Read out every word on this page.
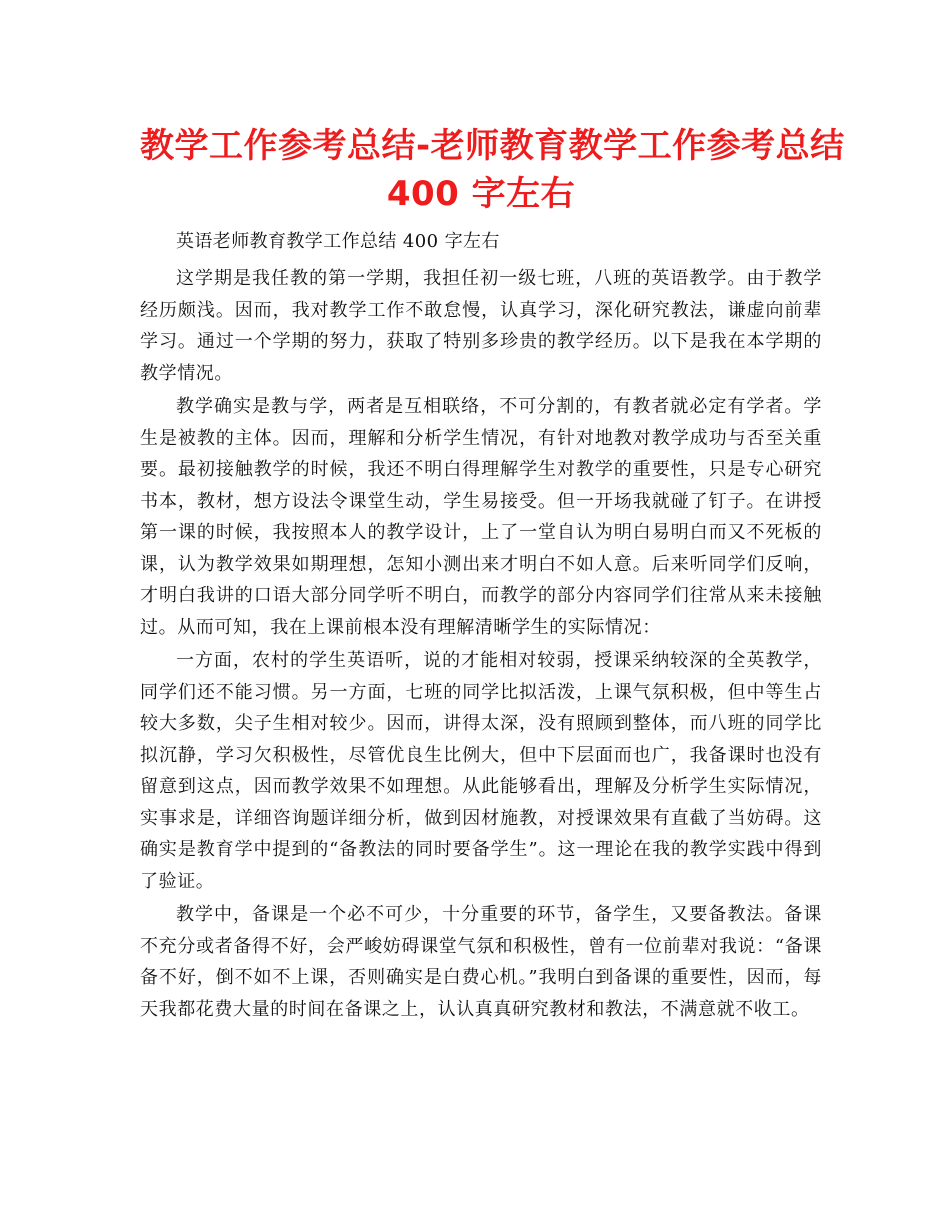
教学工作参考总结-老师教育教学工作参考总结
400 字左右

英语老师教育教学工作总结 400 字左右

这学期是我任教的第一学期，我担任初一级七班，八班的英语教学。由于教学经历颇浅。因而，我对教学工作不敢怠慢，认真学习，深化研究教法，谦虚向前辈学习。通过一个学期的努力，获取了特别多珍贵的教学经历。以下是我在本学期的教学情况。

教学确实是教与学，两者是互相联络，不可分割的，有教者就必定有学者。学生是被教的主体。因而，理解和分析学生情况，有针对地教对教学成功与否至关重要。最初接触教学的时候，我还不明白得理解学生对教学的重要性，只是专心研究书本，教材，想方设法令课堂生动，学生易接受。但一开场我就碰了钉子。在讲授第一课的时候，我按照本人的教学设计，上了一堂自认为明白易明白而又不死板的课，认为教学效果如期理想，怎知小测出来才明白不如人意。后来听同学们反响，才明白我讲的口语大部分同学听不明白，而教学的部分内容同学们往常从来未接触过。从而可知，我在上课前根本没有理解清晰学生的实际情况：

一方面，农村的学生英语听，说的才能相对较弱，授课采纳较深的全英教学，同学们还不能习惯。另一方面，七班的同学比拟活泼，上课气氛积极，但中等生占较大多数，尖子生相对较少。因而，讲得太深，没有照顾到整体，而八班的同学比拟沉静，学习欠积极性，尽管优良生比例大，但中下层面而也广，我备课时也没有留意到这点，因而教学效果不如理想。从此能够看出，理解及分析学生实际情况，实事求是，详细咨询题详细分析，做到因材施教，对授课效果有直截了当妨碍。这确实是教育学中提到的“备教法的同时要备学生”。这一理论在我的教学实践中得到了验证。

教学中，备课是一个必不可少，十分重要的环节，备学生，又要备教法。备课不充分或者备得不好，会严峻妨碍课堂气氛和积极性，曾有一位前辈对我说：“备课备不好，倒不如不上课，否则确实是白费心机。”我明白到备课的重要性，因而，每天我都花费大量的时间在备课之上，认认真真研究教材和教法，不满意就不收工。
